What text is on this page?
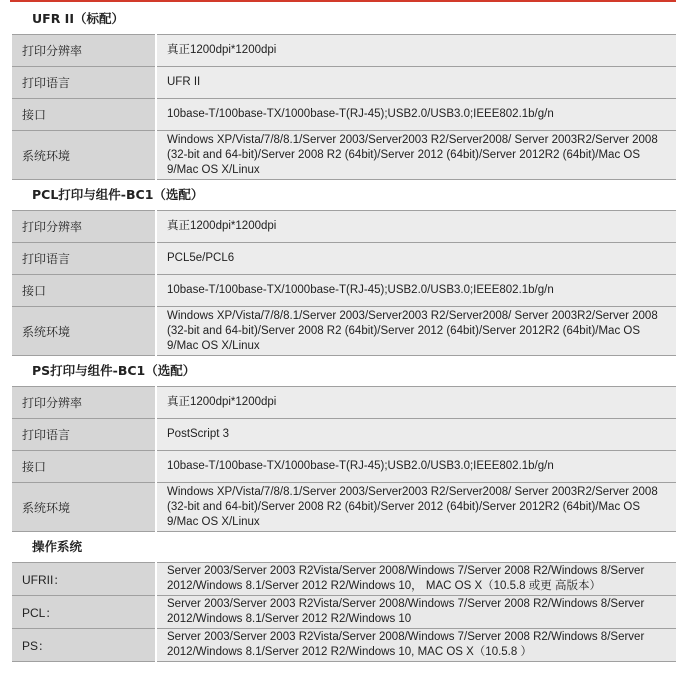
UFR II（标配）
打印分辨率	真正1200dpi*1200dpi
打印语言	UFR II
接口	10base-T/100base-TX/1000base-T(RJ-45);USB2.0/USB3.0;IEEE802.1b/g/n
系统环境	Windows XP/Vista/7/8/8.1/Server 2003/Server2003 R2/Server2008/ Server 2003R2/Server 2008 (32-bit and 64-bit)/Server 2008 R2 (64bit)/Server 2012 (64bit)/Server 2012R2 (64bit)/Mac OS 9/Mac OS X/Linux
PCL打印与组件-BC1（选配）
打印分辨率	真正1200dpi*1200dpi
打印语言	PCL5e/PCL6
接口	10base-T/100base-TX/1000base-T(RJ-45);USB2.0/USB3.0;IEEE802.1b/g/n
系统环境	Windows XP/Vista/7/8/8.1/Server 2003/Server2003 R2/Server2008/ Server 2003R2/Server 2008 (32-bit and 64-bit)/Server 2008 R2 (64bit)/Server 2012 (64bit)/Server 2012R2 (64bit)/Mac OS 9/Mac OS X/Linux
PS打印与组件-BC1（选配）
打印分辨率	真正1200dpi*1200dpi
打印语言	PostScript 3
接口	10base-T/100base-TX/1000base-T(RJ-45);USB2.0/USB3.0;IEEE802.1b/g/n
系统环境	Windows XP/Vista/7/8/8.1/Server 2003/Server2003 R2/Server2008/ Server 2003R2/Server 2008 (32-bit and 64-bit)/Server 2008 R2 (64bit)/Server 2012 (64bit)/Server 2012R2 (64bit)/Mac OS 9/Mac OS X/Linux
操作系统
UFRII：	Server 2003/Server 2003 R2Vista/Server 2008/Windows 7/Server 2008 R2/Windows 8/Server 2012/Windows 8.1/Server 2012 R2/Windows 10， MAC OS X（10.5.8 或更 高版本）
PCL：	Server 2003/Server 2003 R2Vista/Server 2008/Windows 7/Server 2008 R2/Windows 8/Server 2012/Windows 8.1/Server 2012 R2/Windows 10
PS：	Server 2003/Server 2003 R2Vista/Server 2008/Windows 7/Server 2008 R2/Windows 8/Server 2012/Windows 8.1/Server 2012 R2/Windows 10, MAC OS X（10.5.8 ）
